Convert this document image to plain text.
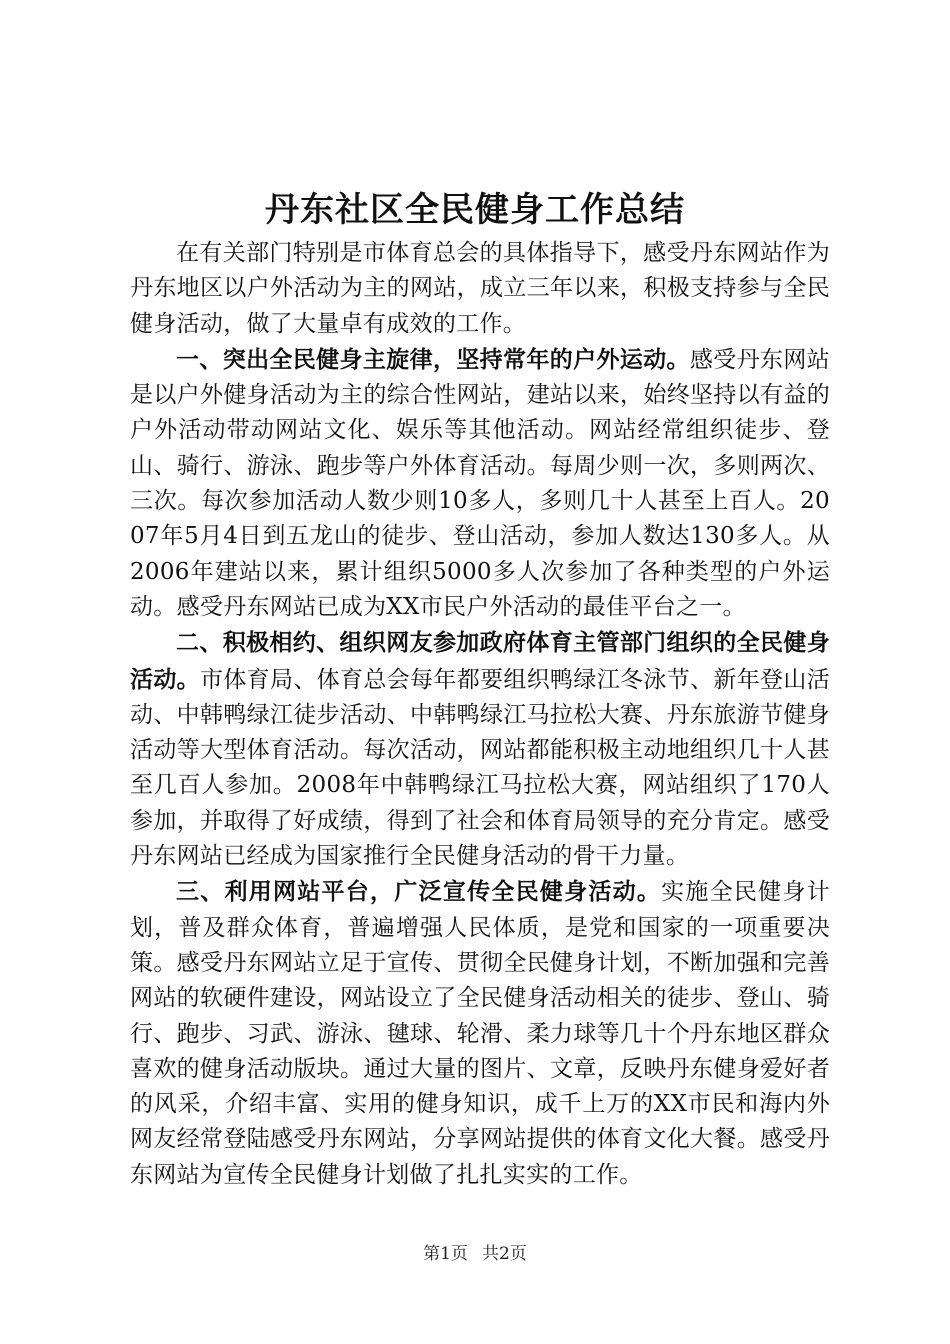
丹东社区全民健身工作总结

在有关部门特别是市体育总会的具体指导下，感受丹东网站作为丹东地区以户外活动为主的网站，成立三年以来，积极支持参与全民健身活动，做了大量卓有成效的工作。

一、突出全民健身主旋律，坚持常年的户外运动。感受丹东网站是以户外健身活动为主的综合性网站，建站以来，始终坚持以有益的户外活动带动网站文化、娱乐等其他活动。网站经常组织徒步、登山、骑行、游泳、跑步等户外体育活动。每周少则一次，多则两次、三次。每次参加活动人数少则10多人，多则几十人甚至上百人。2007年5月4日到五龙山的徒步、登山活动，参加人数达130多人。从2006年建站以来，累计组织5000多人次参加了各种类型的户外运动。感受丹东网站已成为XX市民户外活动的最佳平台之一。

二、积极相约、组织网友参加政府体育主管部门组织的全民健身活动。市体育局、体育总会每年都要组织鸭绿江冬泳节、新年登山活动、中韩鸭绿江徒步活动、中韩鸭绿江马拉松大赛、丹东旅游节健身活动等大型体育活动。每次活动，网站都能积极主动地组织几十人甚至几百人参加。2008年中韩鸭绿江马拉松大赛，网站组织了170人参加，并取得了好成绩，得到了社会和体育局领导的充分肯定。感受丹东网站已经成为国家推行全民健身活动的骨干力量。

三、利用网站平台，广泛宣传全民健身活动。实施全民健身计划，普及群众体育，普遍增强人民体质，是党和国家的一项重要决策。感受丹东网站立足于宣传、贯彻全民健身计划，不断加强和完善网站的软硬件建设，网站设立了全民健身活动相关的徒步、登山、骑行、跑步、习武、游泳、毽球、轮滑、柔力球等几十个丹东地区群众喜欢的健身活动版块。通过大量的图片、文章，反映丹东健身爱好者的风采，介绍丰富、实用的健身知识，成千上万的XX市民和海内外网友经常登陆感受丹东网站，分享网站提供的体育文化大餐。感受丹东网站为宣传全民健身计划做了扎扎实实的工作。

第1页 共2页
